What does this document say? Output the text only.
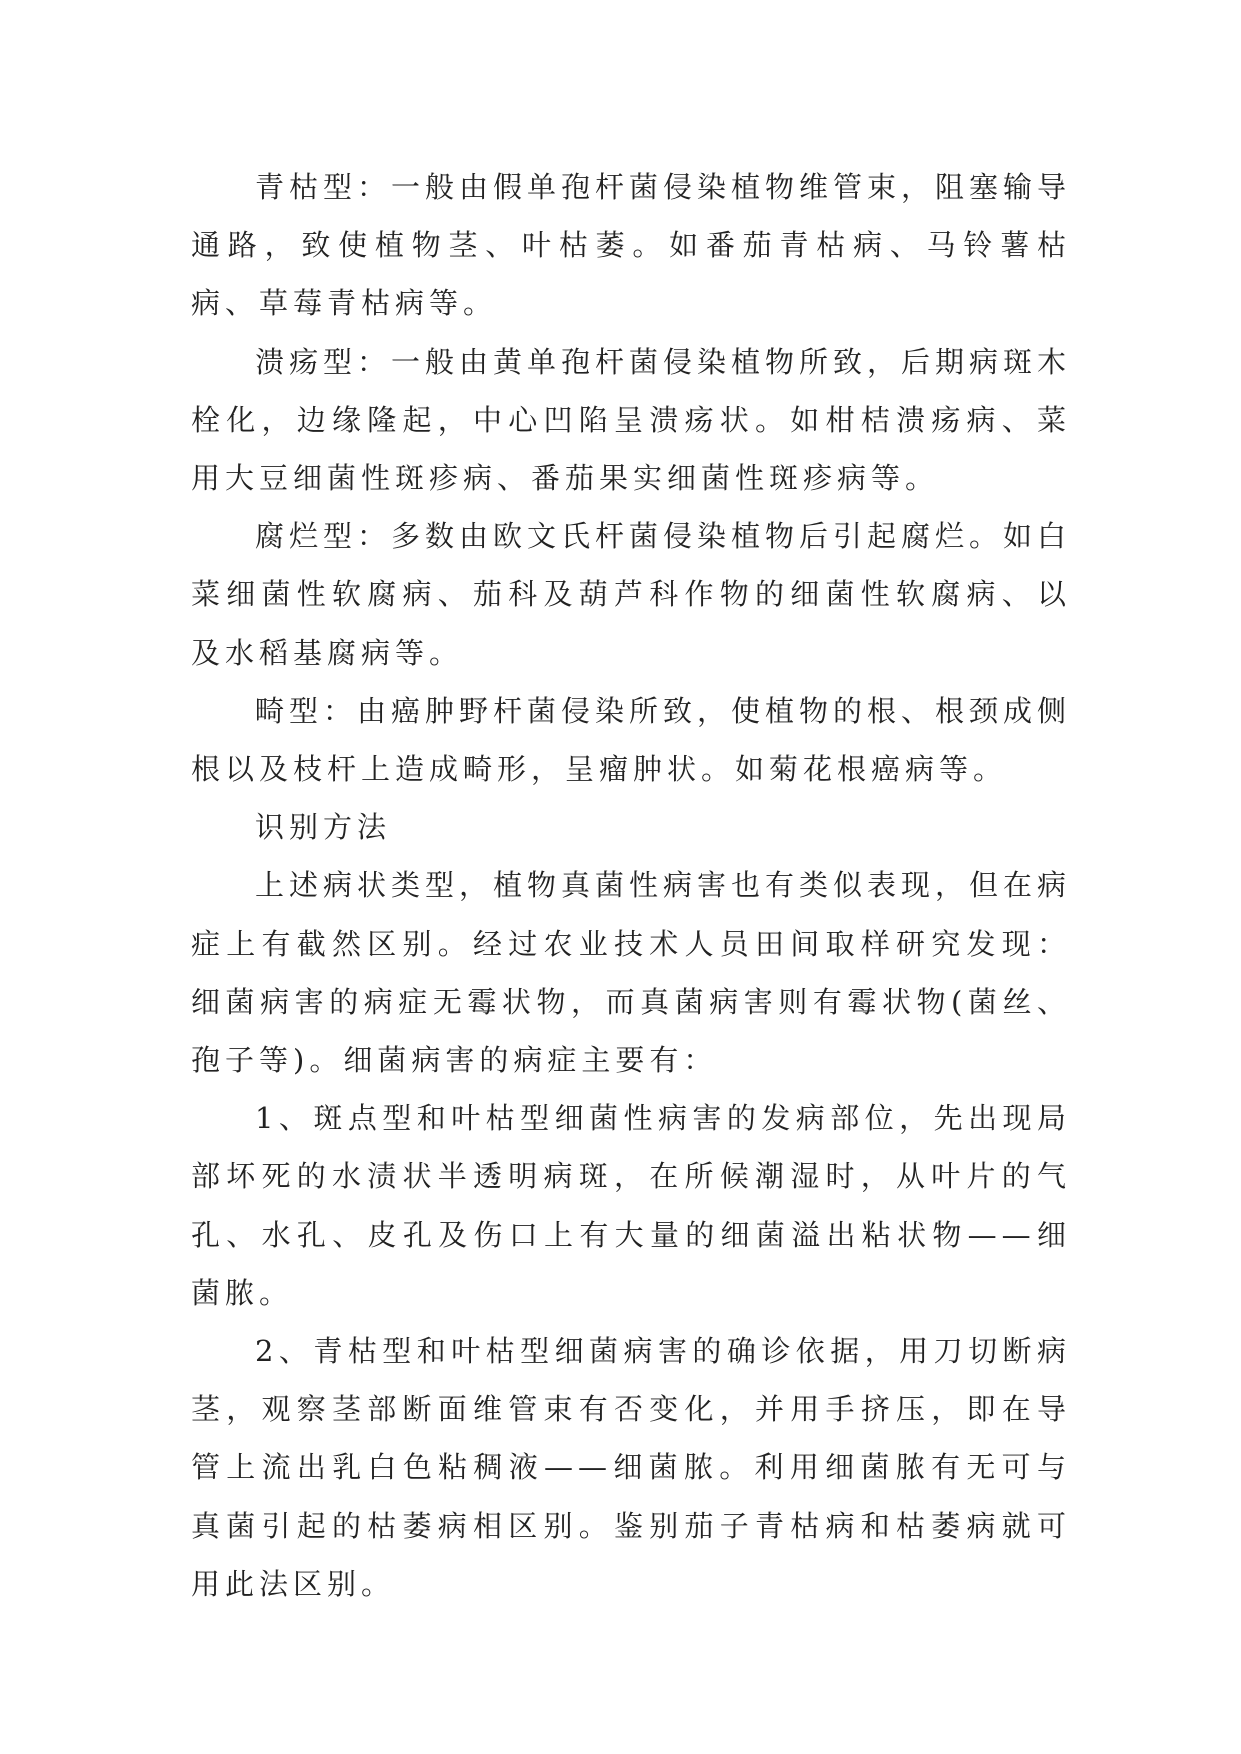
青枯型：一般由假单孢杆菌侵染植物维管束，阻塞输导通路，致使植物茎、叶枯萎。如番茄青枯病、马铃薯枯病、草莓青枯病等。

溃疡型：一般由黄单孢杆菌侵染植物所致，后期病斑木栓化，边缘隆起，中心凹陷呈溃疡状。如柑桔溃疡病、菜用大豆细菌性斑疹病、番茄果实细菌性斑疹病等。

腐烂型：多数由欧文氏杆菌侵染植物后引起腐烂。如白菜细菌性软腐病、茄科及葫芦科作物的细菌性软腐病、以及水稻基腐病等。

畸型：由癌肿野杆菌侵染所致，使植物的根、根颈成侧根以及枝杆上造成畸形，呈瘤肿状。如菊花根癌病等。

识别方法

上述病状类型，植物真菌性病害也有类似表现，但在病症上有截然区别。经过农业技术人员田间取样研究发现：细菌病害的病症无霉状物，而真菌病害则有霉状物(菌丝、孢子等)。细菌病害的病症主要有：

1、斑点型和叶枯型细菌性病害的发病部位，先出现局部坏死的水渍状半透明病斑，在所候潮湿时，从叶片的气孔、水孔、皮孔及伤口上有大量的细菌溢出粘状物——细菌脓。

2、青枯型和叶枯型细菌病害的确诊依据，用刀切断病茎，观察茎部断面维管束有否变化，并用手挤压，即在导管上流出乳白色粘稠液——细菌脓。利用细菌脓有无可与真菌引起的枯萎病相区别。鉴别茄子青枯病和枯萎病就可用此法区别。
